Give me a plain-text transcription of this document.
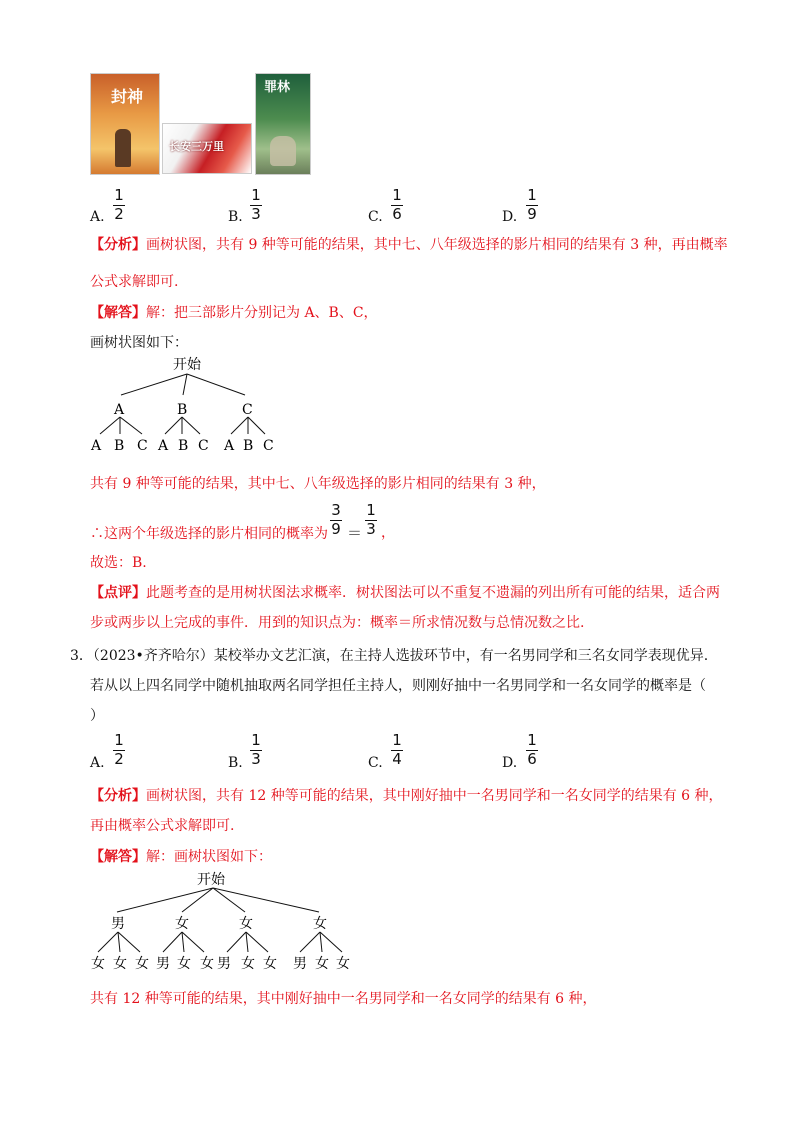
封神
长安三万里
罪林
A.
1
2	B.
1
3	C.
1
6	D.
1
9
【分析】画树状图，共有 9 种等可能的结果，其中七、八年级选择的影片相同的结果有 3 种，再由概率
公式求解即可.
【解答】解：把三部影片分别记为 A、B、C，
画树状图如下：
开始
A	B	C
A B C A B C A B C
共有 9 种等可能的结果，其中七、八年级选择的影片相同的结果有 3 种，
∴这两个年级选择的影片相同的概率为
3
9 ＝
1
3 ，
故选：B.
【点评】此题考查的是用树状图法求概率．树状图法可以不重复不遗漏的列出所有可能的结果，适合两
步或两步以上完成的事件．用到的知识点为：概率＝所求情况数与总情况数之比.
3．（2023•齐齐哈尔）某校举办文艺汇演，在主持人选拔环节中，有一名男同学和三名女同学表现优异.
若从以上四名同学中随机抽取两名同学担任主持人，则刚好抽中一名男同学和一名女同学的概率是（
）
A.
1
2	B.
1
3	C.
1
4	D.
1
6
【分析】画树状图，共有 12 种等可能的结果，其中刚好抽中一名男同学和一名女同学的结果有 6 种，
再由概率公式求解即可.
【解答】解：画树状图如下：
开始
男	女	女	女
女 女 女 男 女 女 男 女 女 男 女 女
共有 12 种等可能的结果，其中刚好抽中一名男同学和一名女同学的结果有 6 种，
